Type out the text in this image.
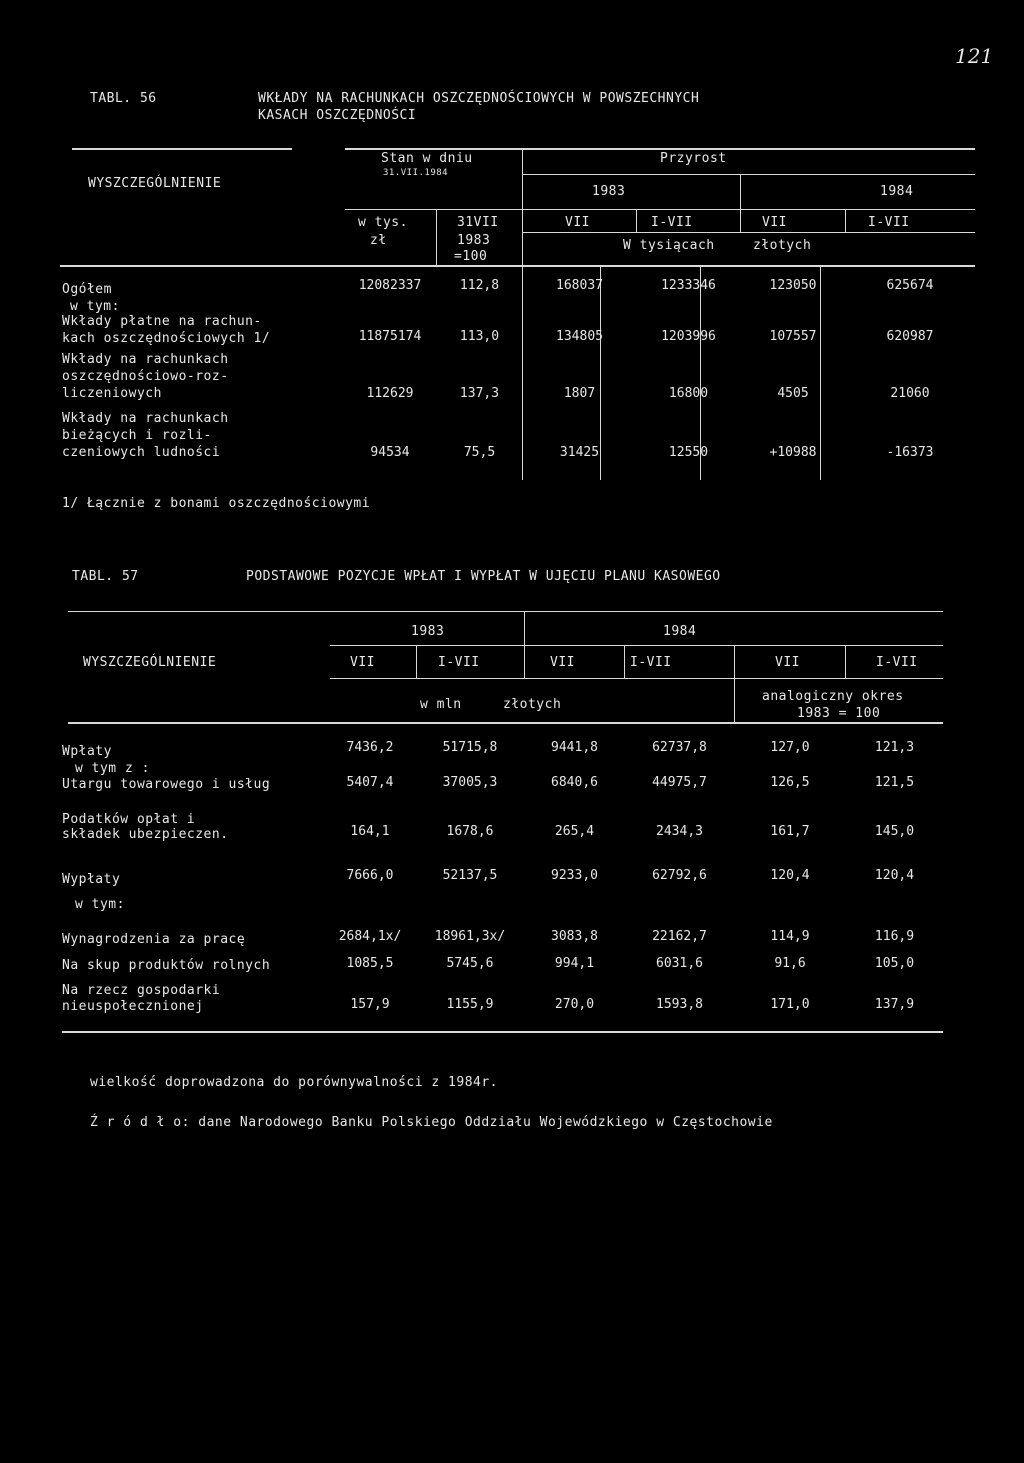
121
TABL. 56	WKŁADY NA RACHUNKACH OSZCZĘDNOŚCIOWYCH W POWSZECHNYCH
KASACH OSZCZĘDNOŚCI
WYSZCZEGÓLNIENIE
Stan w dniu
31.VII.1984
Przyrost
1983	1984
w tys.
zł
31VII
1983
=100
VII	I-VII	VII	I-VII
W tysiącach	złotych
Ogółem	12082337	112,8	168037	1233346	123050	625674
w tym:
Wkłady płatne na rachun-
kach oszczędnościowych 1/	11875174	113,0	134805	1203996	107557	620987
Wkłady na rachunkach
oszczędnościowo-roz-
liczeniowych	112629	137,3	1807	16800	4505	21060
Wkłady na rachunkach
bieżących i rozli-
czeniowych ludności	94534	75,5	31425	12550	+10988	-16373
1/ Łącznie z bonami oszczędnościowymi
TABL. 57	PODSTAWOWE POZYCJE WPŁAT I WYPŁAT W UJĘCIU PLANU KASOWEGO
1983	1984
WYSZCZEGÓLNIENIE	VII	I-VII	VII	I-VII	VII	I-VII
w mln	złotych
analogiczny okres
1983 = 100
Wpłaty	7436,2	51715,8	9441,8	62737,8	127,0	121,3
w tym z :
Utargu towarowego i usług	5407,4	37005,3	6840,6	44975,7	126,5	121,5
Podatków opłat i
składek ubezpieczen.	164,1	1678,6	265,4	2434,3	161,7	145,0
Wypłaty	7666,0	52137,5	9233,0	62792,6	120,4	120,4
w tym:
Wynagrodzenia za pracę	2684,1x/	18961,3x/	3083,8	22162,7	114,9	116,9
Na skup produktów rolnych	1085,5	5745,6	994,1	6031,6	91,6	105,0
Na rzecz gospodarki
nieuspołecznionej	157,9	1155,9	270,0	1593,8	171,0	137,9
wielkość doprowadzona do porównywalności z 1984r.
Ź r ó d ł o: dane Narodowego Banku Polskiego Oddziału Wojewódzkiego w Częstochowie
